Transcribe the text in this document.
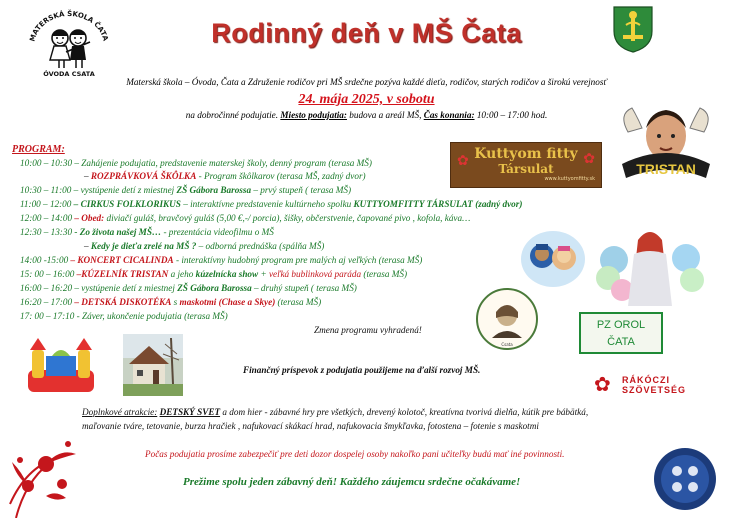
MATERSKÁ ŠKOLA ČATA
ÓVODA CSATA
Rodinný deň v MŠ Čata
Materská škola – Óvoda, Čata a Združenie rodičov pri MŠ srdečne pozýva každé dieťa, rodičov, starých rodičov a širokú verejnosť
24. mája 2025, v sobotu
na dobročinné podujatie. Miesto podujatia: budova a areál MŠ, Čas konania: 10:00 – 17:00 hod.
PROGRAM:
10:00 – 10:30 – Zahájenie podujatia, predstavenie materskej školy, denný program (terasa MŠ)
– ROZPRÁVKOVÁ ŠKÔLKA - Program škôlkarov (terasa MŠ, zadný dvor)
10:30 – 11:00 – vystúpenie detí z miestnej ZŠ Gábora Barossa – prvý stupeň ( terasa MŠ)
11:00 – 12:00 – CIRKUS FOLKLORIKUS – interaktívne predstavenie kultúrneho spolku KUTTYOMFITTY TÁRSULAT (zadný dvor)
12:00 – 14:00 – Obed: diviačí guláš, bravčový guláš (5,00 €,-/ porcia), šišky, občerstvenie, čapované pivo , kofola, káva…
12:30 – 13:30 - Zo života našej MŠ… - prezentácia videofilmu o MŠ
– Kedy je dieťa zrelé na MŠ ? – odborná prednáška (spálňa MŠ)
14:00 -15:00 – KONCERT CICALINDA - interaktívny hudobný program pre malých aj veľkých (terasa MŠ)
15: 00 – 16:00 –KÚZELNÍK TRISTAN a jeho kúzelnícka show + veľká bublinková paráda (terasa MŠ)
16:00 – 16:20 – vystúpenie detí z miestnej ZŠ Gábora Barossa – druhý stupeň ( terasa MŠ)
16:20 – 17:00 – DETSKÁ DISKOTÉKA s maskotmi (Chase a Skye) (terasa MŠ)
17: 00 – 17:10 - Záver, ukončenie podujatia (terasa MŠ)
Zmena programu vyhradená!
Kuttyom fitty
Társulat
www.kuttyomfitty.sk
✿	✿
TRISTAN
Csata
PZ OROL
ČATA
Finančný príspevok z podujatia použijeme na ďalší rozvoj MŠ.
✿ RÁKÓCZI
SZÖVETSÉG
Doplnkové atrakcie: DETSKÝ SVET a dom hier - zábavné hry pre všetkých, drevený kolotoč, kreatívna tvorivá dielňa, kútik pre bábätká,
maľovanie tváre, tetovanie, burza hračiek , nafukovací skákací hrad, nafukovacia šmykľavka, fotostena – fotenie s maskotmi
Počas podujatia prosíme zabezpečiť pre deti dozor dospelej osoby nakoľko pani učiteľky budú mať iné povinnosti.
Prežime spolu jeden zábavný deň! Každého záujemcu srdečne očakávame!
